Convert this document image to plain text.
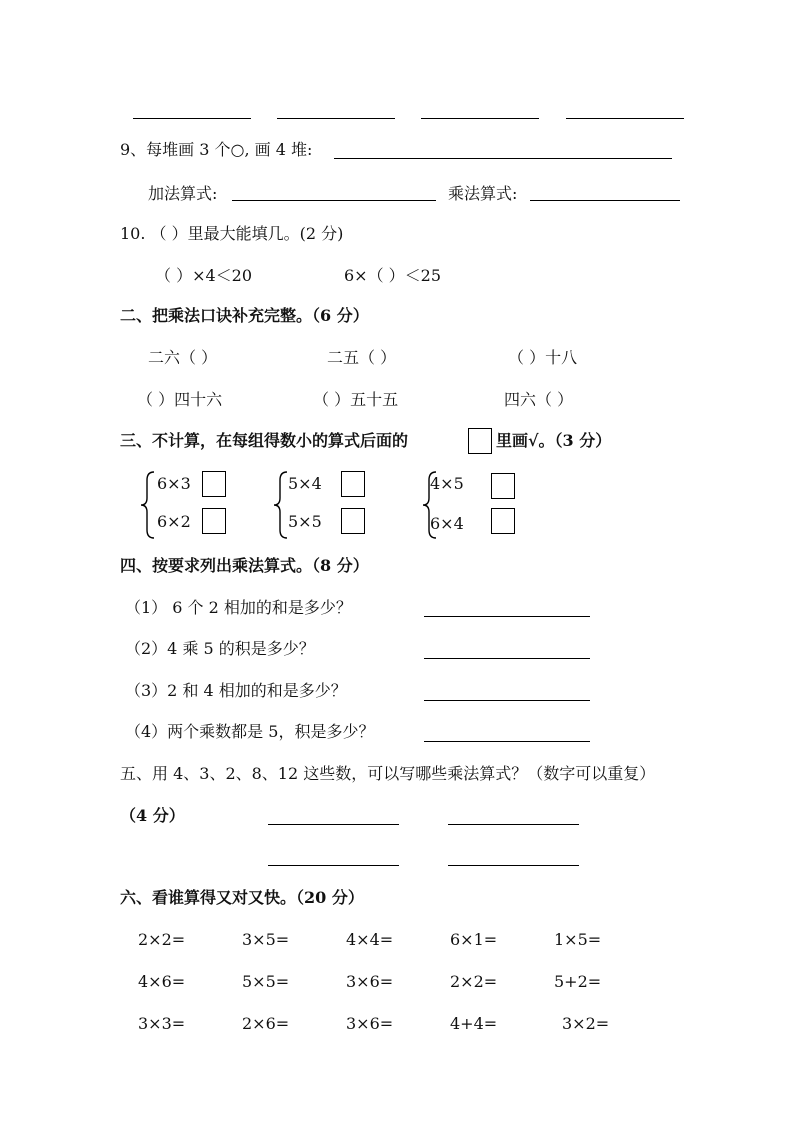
9、每堆画 3 个○, 画 4 堆:
加法算式:	乘法算式:
10. （ ）里最大能填几。(2 分)
（ ）×4＜20	6×（ ）＜25
二、把乘法口诀补充完整。（6 分）
二六（ ）	二五（ ）	（ ）十八
（ ）四十六	（ ）五十五	四六（ ）
三、不计算，在每组得数小的算式后面的	里画√。（3 分）
6×3
6×2
5×4
5×5
4×5
6×4
四、按要求列出乘法算式。（8 分）
（1） 6 个 2 相加的和是多少？
（2）4 乘 5 的积是多少？
（3）2 和 4 相加的和是多少？
（4）两个乘数都是 5，积是多少？
五、用 4、3、2、8、12 这些数，可以写哪些乘法算式？（数字可以重复）
（4 分）
六、看谁算得又对又快。（20 分）
2×2=	3×5=	4×4=	6×1=	1×5=
4×6=	5×5=	3×6=	2×2=	5+2=
3×3=	2×6=	3×6=	4+4=	3×2=
